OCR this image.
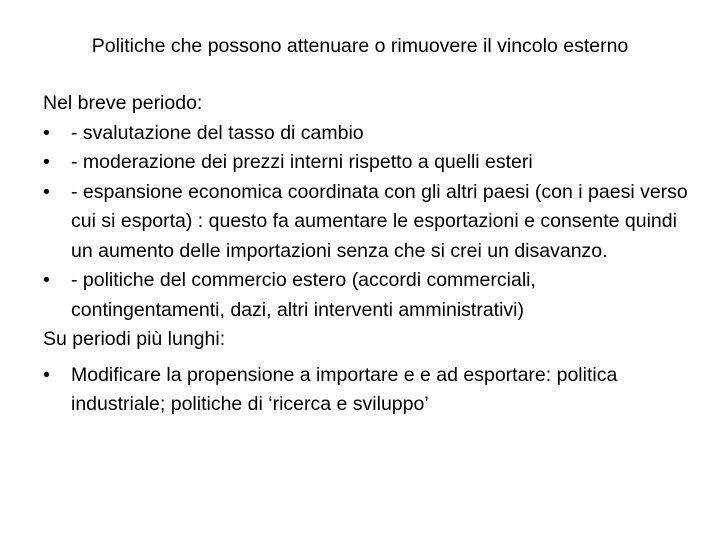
Politiche che possono attenuare o rimuovere il vincolo esterno
Nel breve periodo:
•	- svalutazione del tasso di cambio
•	- moderazione dei prezzi interni rispetto a quelli esteri
•	- espansione economica coordinata con gli altri paesi (con i paesi verso cui si esporta) : questo fa aumentare le esportazioni e consente quindi un aumento delle importazioni senza che si crei un disavanzo.
•	- politiche del commercio estero (accordi commerciali, contingentamenti, dazi, altri interventi amministrativi)
Su periodi più lunghi:
•	Modificare la propensione a importare e e ad esportare: politica industriale; politiche di ‘ricerca e sviluppo’
